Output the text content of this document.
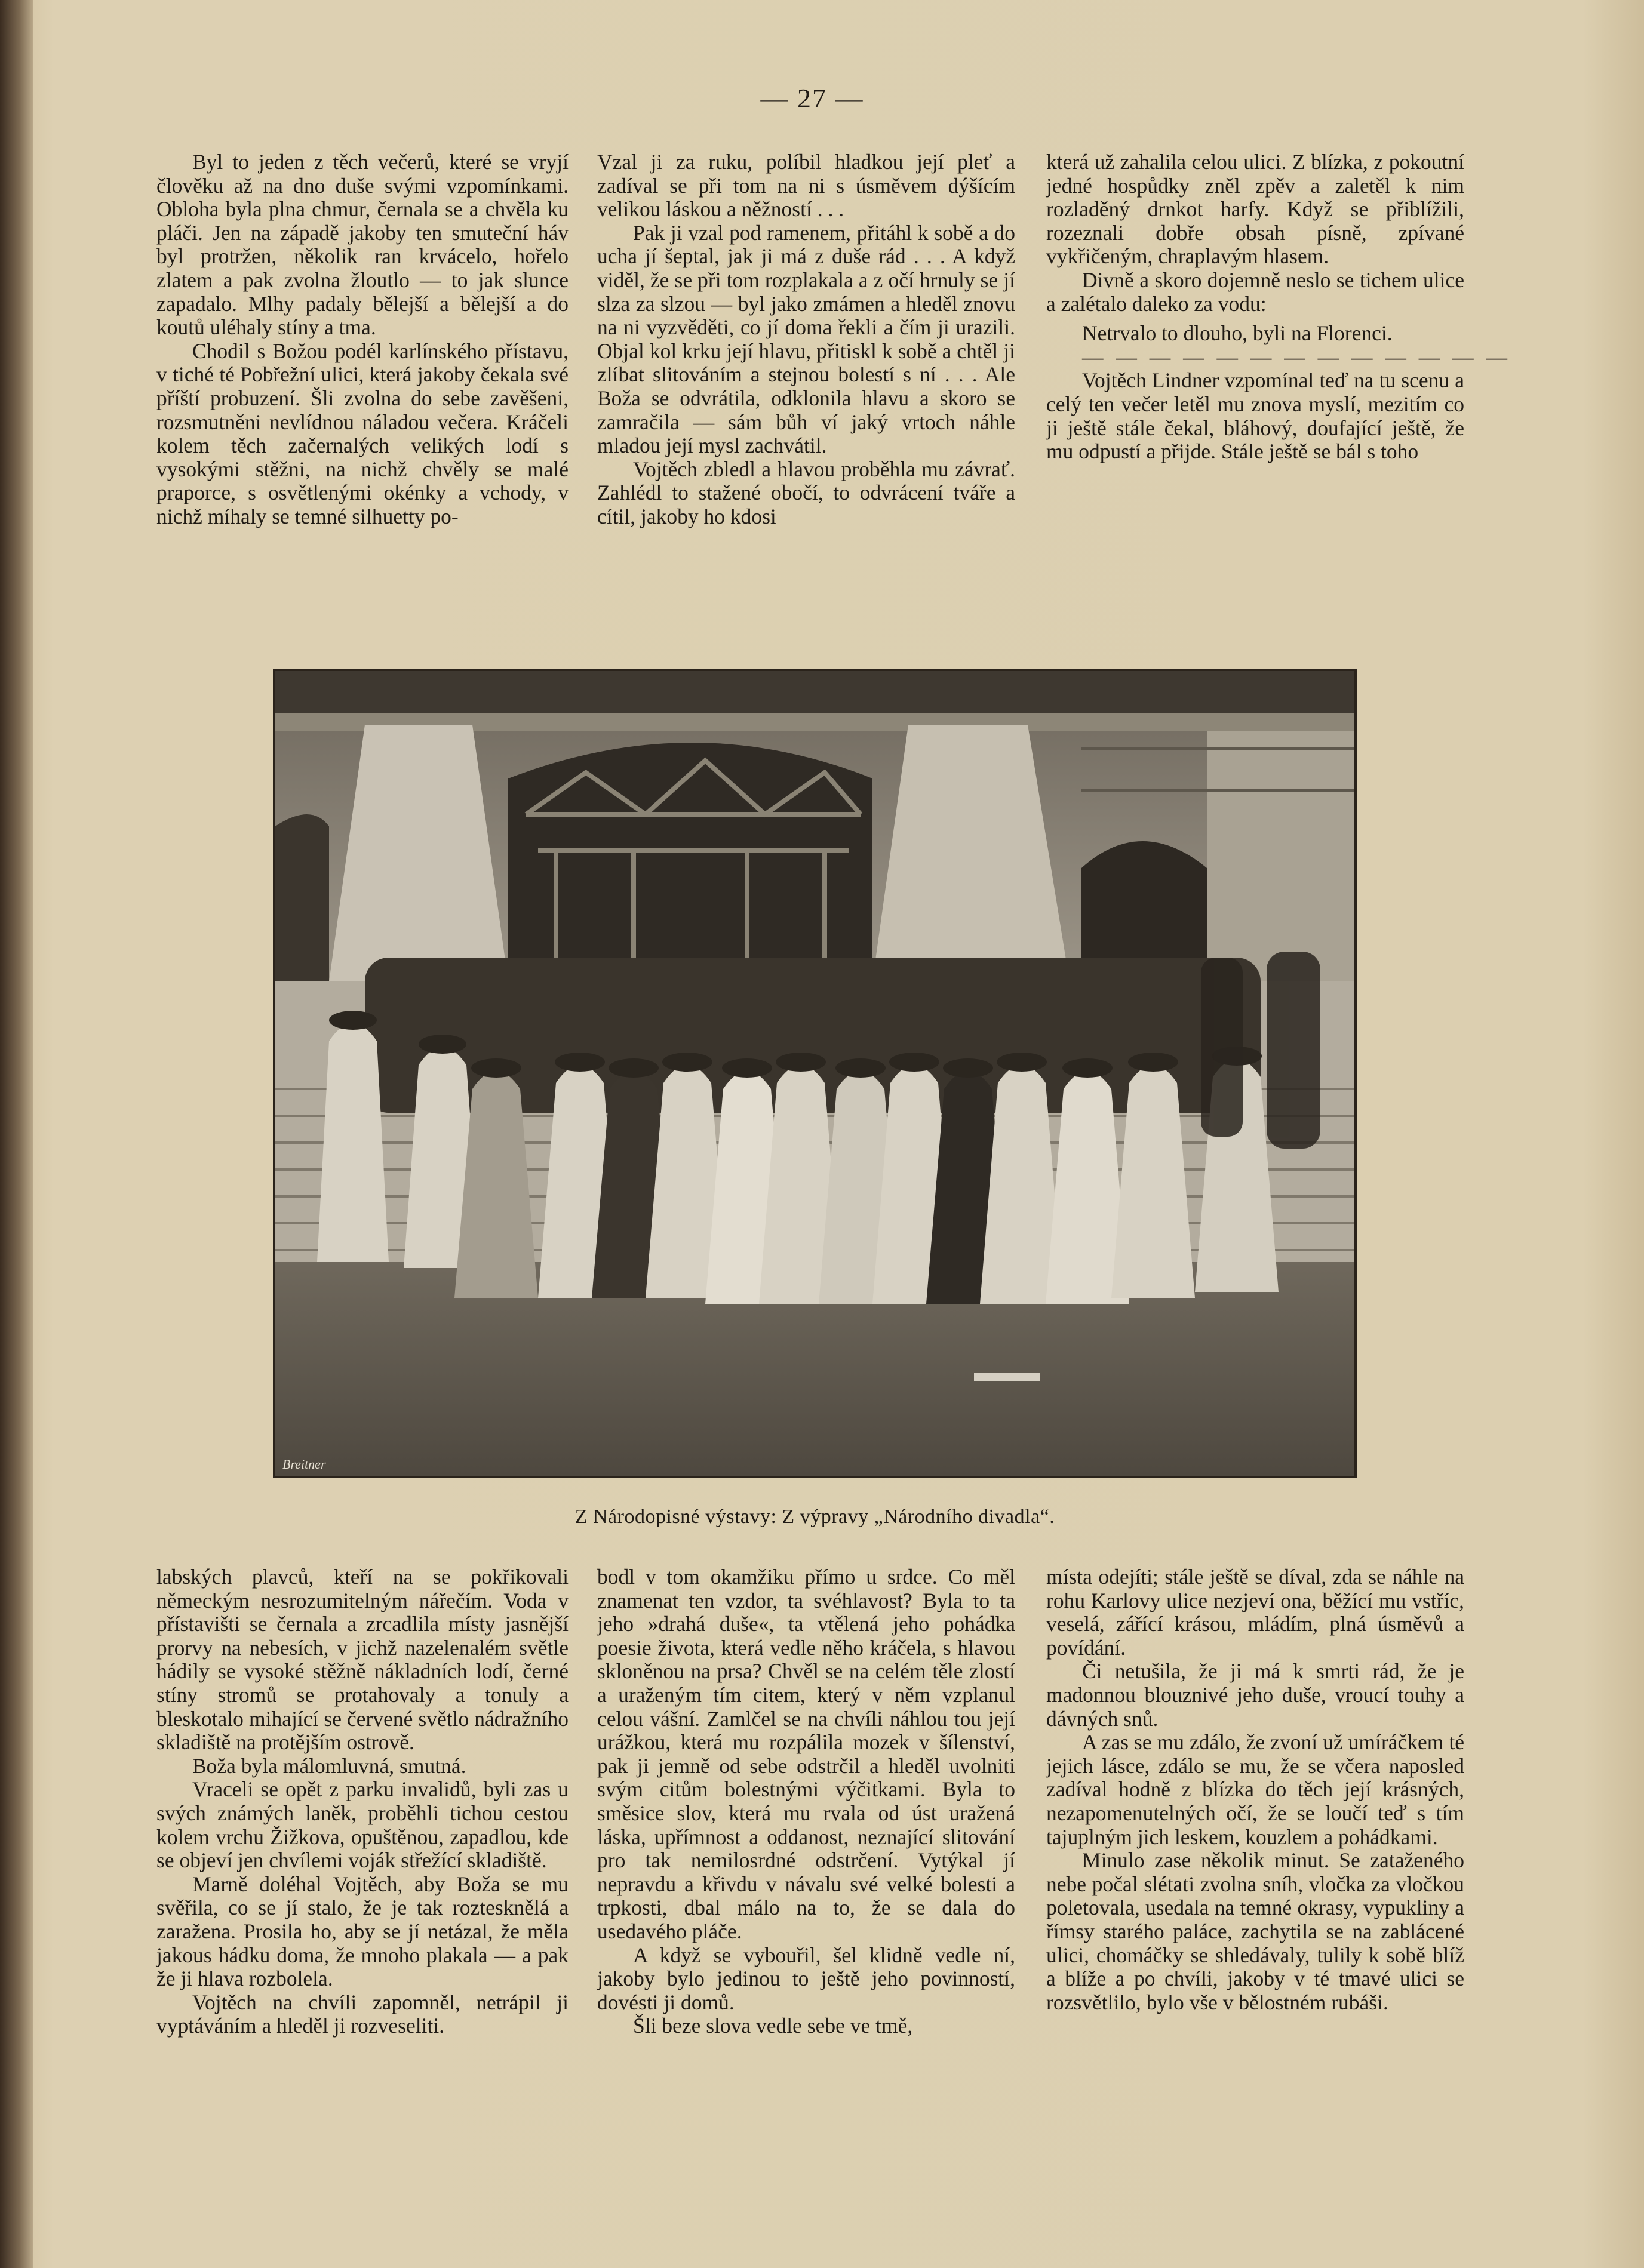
— 27 —

Byl to jeden z těch večerů, které se vryjí člověku až na dno duše svými vzpomínkami. Obloha byla plna chmur, černala se a chvěla ku pláči. Jen na západě jakoby ten smuteční háv byl protržen, několik ran krvácelo, hořelo zlatem a pak zvolna žloutlo — to jak slunce zapadalo. Mlhy padaly bělejší a bělejší a do koutů uléhaly stíny a tma.

Chodil s Božou podél karlínského přístavu, v tiché té Pobřežní ulici, která jakoby čekala své příští probuzení. Šli zvolna do sebe zavěšeni, rozsmutněni nevlídnou náladou večera. Kráčeli kolem těch začernalých velikých lodí s vysokými stěžni, na nichž chvěly se malé praporce, s osvětlenými okénky a vchody, v nichž míhaly se temné silhuetty po-

Vzal ji za ruku, políbil hladkou její pleť a zadíval se při tom na ni s úsměvem dýšícím velikou láskou a něžností . . .

Pak ji vzal pod ramenem, přitáhl k sobě a do ucha jí šeptal, jak ji má z duše rád . . . A když viděl, že se při tom rozplakala a z očí hrnuly se jí slza za slzou — byl jako zmámen a hleděl znovu na ni vyzvěděti, co jí doma řekli a čím ji urazili. Objal kol krku její hlavu, přitiskl k sobě a chtěl ji zlíbat slitováním a stejnou bolestí s ní . . . Ale Boža se odvrátila, odklonila hlavu a skoro se zamračila — sám bůh ví jaký vrtoch náhle mladou její mysl zachvátil.

Vojtěch zbledl a hlavou proběhla mu závrať. Zahlédl to stažené obočí, to odvrácení tváře a cítil, jakoby ho kdosi

která už zahalila celou ulici. Z blízka, z pokoutní jedné hospůdky zněl zpěv a zaletěl k nim rozladěný drnkot harfy. Když se přiblížili, rozeznali dobře obsah písně, zpívané vykřičeným, chraplavým hlasem.

Divně a skoro dojemně neslo se tichem ulice a zalétalo daleko za vodu:

Netrvalo to dlouho, byli na Florenci.

— — — — — — — — — — — — —

Vojtěch Lindner vzpomínal teď na tu scenu a celý ten večer letěl mu znova myslí, mezitím co ji ještě stále čekal, bláhový, doufající ještě, že mu odpustí a přijde. Stále ještě se bál s toho

Breitner
Z Národopisné výstavy: Z výpravy „Národního divadla“.

labských plavců, kteří na se pokřikovali německým nesrozumitelným nářečím. Voda v přístavišti se černala a zrcadlila místy jasnější prorvy na nebesích, v jichž nazelenalém světle hádily se vysoké stěžně nákladních lodí, černé stíny stromů se protahovaly a tonuly a bleskotalo mihající se červené světlo nádražního skladiště na protějším ostrově.

Boža byla málomluvná, smutná.

Vraceli se opět z parku invalidů, byli zas u svých známých laněk, proběhli tichou cestou kolem vrchu Žižkova, opuštěnou, zapadlou, kde se objeví jen chvílemi voják střežící skladiště.

Marně doléhal Vojtěch, aby Boža se mu svěřila, co se jí stalo, že je tak roztesknělá a zaražena. Prosila ho, aby se jí netázal, že měla jakous hádku doma, že mnoho plakala — a pak že ji hlava rozbolela.

Vojtěch na chvíli zapomněl, netrápil ji vyptáváním a hleděl ji rozveseliti.

bodl v tom okamžiku přímo u srdce. Co měl znamenat ten vzdor, ta svéhlavost? Byla to ta jeho »drahá duše«, ta vtělená jeho pohádka poesie života, která vedle něho kráčela, s hlavou skloněnou na prsa? Chvěl se na celém těle zlostí a uraženým tím citem, který v něm vzplanul celou vášní. Zamlčel se na chvíli náhlou tou její urážkou, která mu rozpálila mozek v šílenství, pak ji jemně od sebe odstrčil a hleděl uvolniti svým citům bolestnými výčitkami. Byla to směsice slov, která mu rvala od úst uražená láska, upřímnost a oddanost, neznající slitování pro tak nemilosrdné odstrčení. Vytýkal jí nepravdu a křivdu v návalu své velké bolesti a trpkosti, dbal málo na to, že se dala do usedavého pláče.

A když se vybouřil, šel klidně vedle ní, jakoby bylo jedinou to ještě jeho povinností, dovésti ji domů.

Šli beze slova vedle sebe ve tmě,

místa odejíti; stále ještě se díval, zda se náhle na rohu Karlovy ulice nezjeví ona, běžící mu vstříc, veselá, zářící krásou, mládím, plná úsměvů a povídání.

Či netušila, že ji má k smrti rád, že je madonnou blouznivé jeho duše, vroucí touhy a dávných snů.

A zas se mu zdálo, že zvoní už umíráčkem té jejich lásce, zdálo se mu, že se včera naposled zadíval hodně z blízka do těch její krásných, nezapomenutelných očí, že se loučí teď s tím tajuplným jich leskem, kouzlem a pohádkami.

Minulo zase několik minut. Se zataženého nebe počal slétati zvolna sníh, vločka za vločkou poletovala, usedala na temné okrasy, vypukliny a římsy starého paláce, zachytila se na zablácené ulici, chomáčky se shledávaly, tulily k sobě blíž a blíže a po chvíli, jakoby v té tmavé ulici se rozsvětlilo, bylo vše v bělostném rubáši.
